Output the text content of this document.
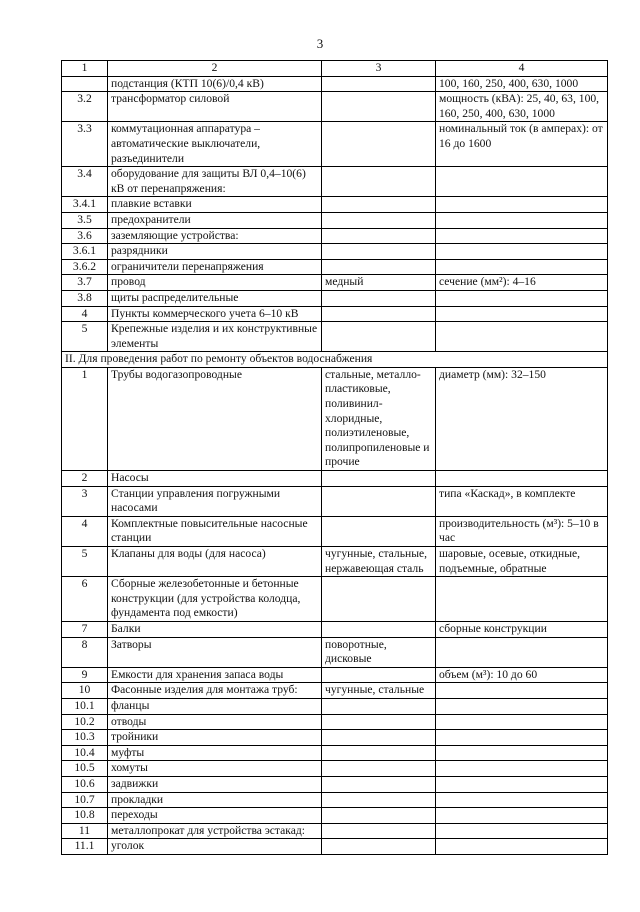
3
1	2	3	4
	подстанция (КТП 10(6)/0,4 кВ)		100, 160, 250, 400, 630, 1000
3.2	трансформатор силовой		мощность (кВА): 25, 40, 63, 100, 160, 250, 400, 630, 1000
3.3	коммутационная аппаратура – автоматические выключатели, разъединители		номинальный ток (в амперах): от 16 до 1600
3.4	оборудование для защиты ВЛ 0,4–10(6) кВ от перенапряжения:		
3.4.1	плавкие вставки		
3.5	предохранители		
3.6	заземляющие устройства:		
3.6.1	разрядники		
3.6.2	ограничители перенапряжения		
3.7	провод	медный	сечение (мм²): 4–16
3.8	щиты распределительные		
4	Пункты коммерческого учета 6–10 кВ		
5	Крепежные изделия и их конструктивные элементы		
II. Для проведения работ по ремонту объектов водоснабжения			
1	Трубы водогазопроводные	стальные, металло-пластиковые, поливинил-хлоридные, полиэтиленовые, полипропиленовые и прочие	диаметр (мм): 32–150
2	Насосы		
3	Станции управления погружными насосами		типа «Каскад», в комплекте
4	Комплектные повысительные насосные станции		производительность (м³): 5–10 в час
5	Клапаны для воды (для насоса)	чугунные, стальные, нержавеющая сталь	шаровые, осевые, откидные, подъемные, обратные
6	Сборные железобетонные и бетонные конструкции (для устройства колодца, фундамента под емкости)		
7	Балки		сборные конструкции
8	Затворы	поворотные, дисковые	
9	Емкости для хранения запаса воды		объем (м³): 10 до 60
10	Фасонные изделия для монтажа труб:	чугунные, стальные	
10.1	фланцы		
10.2	отводы		
10.3	тройники		
10.4	муфты		
10.5	хомуты		
10.6	задвижки		
10.7	прокладки		
10.8	переходы		
11	металлопрокат для устройства эстакад:		
11.1	уголок		
